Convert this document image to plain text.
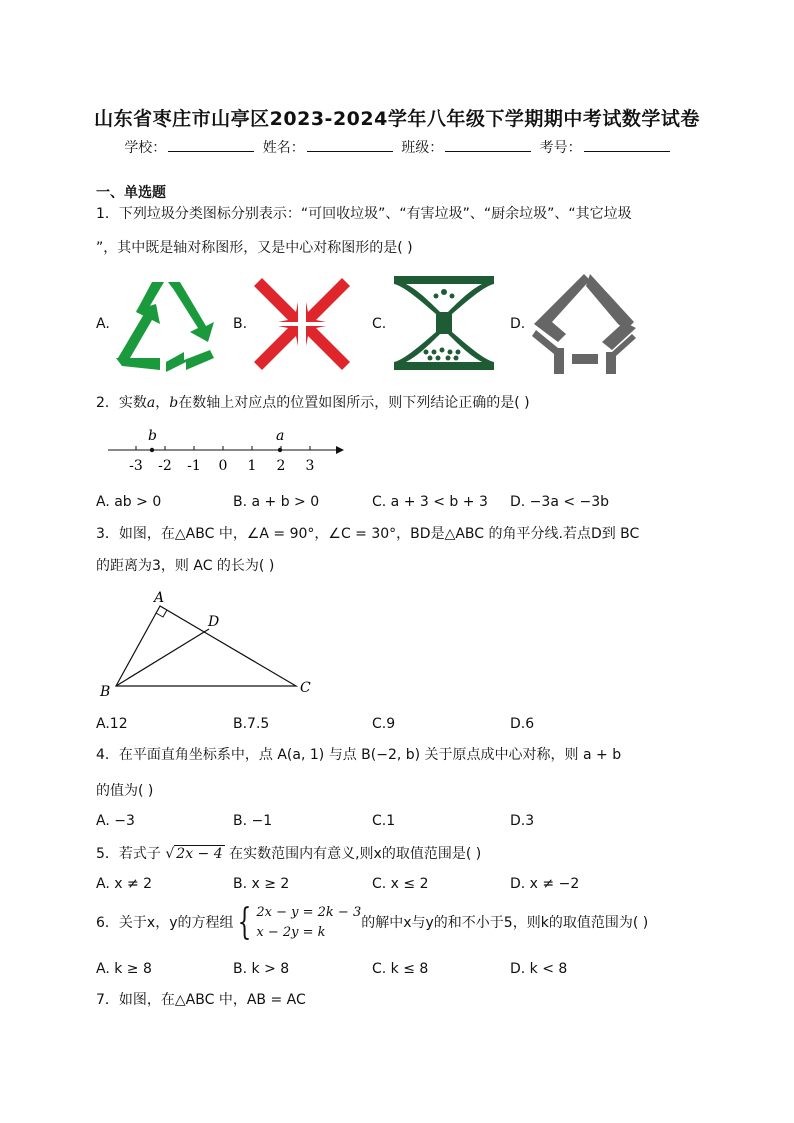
山东省枣庄市山亭区2023-2024学年八年级下学期期中考试数学试卷
学校：	姓名：	班级：	考号：
一、单选题
1．下列垃圾分类图标分别表示：“可回收垃圾”、“有害垃圾”、“厨余垃圾”、“其它垃圾
”，其中既是轴对称图形，又是中心对称图形的是( )
A.	B.	C.	D.
2．实数a，b在数轴上对应点的位置如图所示，则下列结论正确的是( )
-3 -2 -1 0 1 2 3
b	a
A. ab > 0	B. a + b > 0	C. a + 3 < b + 3 D. −3a < −3b
3．如图，在△ABC 中，∠A = 90°，∠C = 30°，BD是△ABC 的角平分线.若点D到 BC
的距离为3，则 AC 的长为( )
A
D
B	C
A.12	B.7.5	C.9	D.6
4．在平面直角坐标系中，点 A(a, 1) 与点 B(−2, b) 关于原点成中心对称，则 a + b
的值为( )
A. −3	B. −1	C.1	D.3
5．若式子 √ 2x − 4 在实数范围内有意义,则x的取值范围是( )
A. x ≠ 2	B. x ≥ 2	C. x ≤ 2	D. x ≠ −2
6．关于x，y的方程组 { 2x − y = 2k − 3
x − 2y = k的解中x与y的和不小于5，则k的取值范围为( )
A. k ≥ 8	B. k > 8	C. k ≤ 8	D. k < 8
7．如图，在△ABC 中，AB = AC
